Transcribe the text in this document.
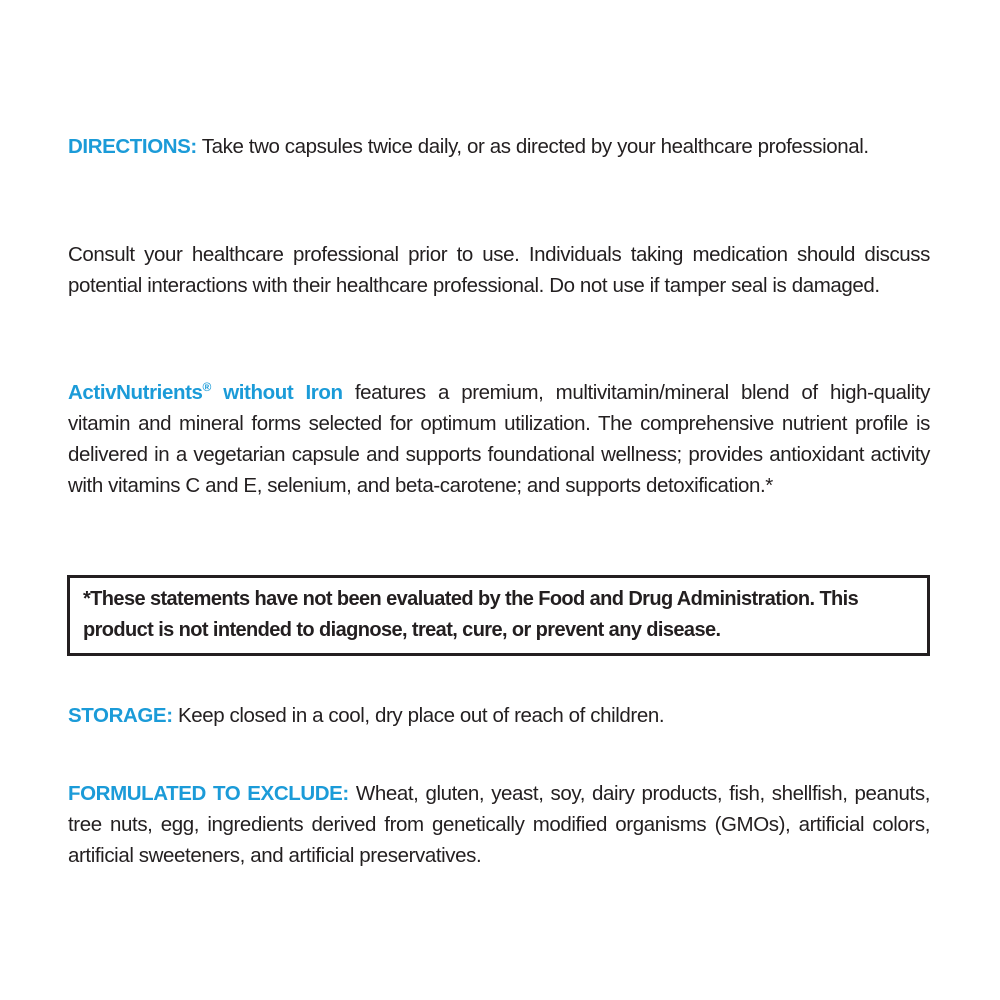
DIRECTIONS: Take two capsules twice daily, or as directed by your healthcare professional.

Consult your healthcare professional prior to use. Individuals taking medication should discuss potential interactions with their healthcare professional. Do not use if tamper seal is damaged.

ActivNutrients® without Iron features a premium, multivitamin/mineral blend of high-quality vitamin and mineral forms selected for optimum utilization. The comprehensive nutrient profile is delivered in a vegetarian capsule and supports foundational wellness; provides antioxidant activity with vitamins C and E, selenium, and beta-carotene; and supports detoxification.*

*These statements have not been evaluated by the Food and Drug Administration. This product is not intended to diagnose, treat, cure, or prevent any disease.

STORAGE: Keep closed in a cool, dry place out of reach of children.

FORMULATED TO EXCLUDE: Wheat, gluten, yeast, soy, dairy products, fish, shellfish, peanuts, tree nuts, egg, ingredients derived from genetically modified organisms (GMOs), artificial colors, artificial sweeteners, and artificial preservatives.
